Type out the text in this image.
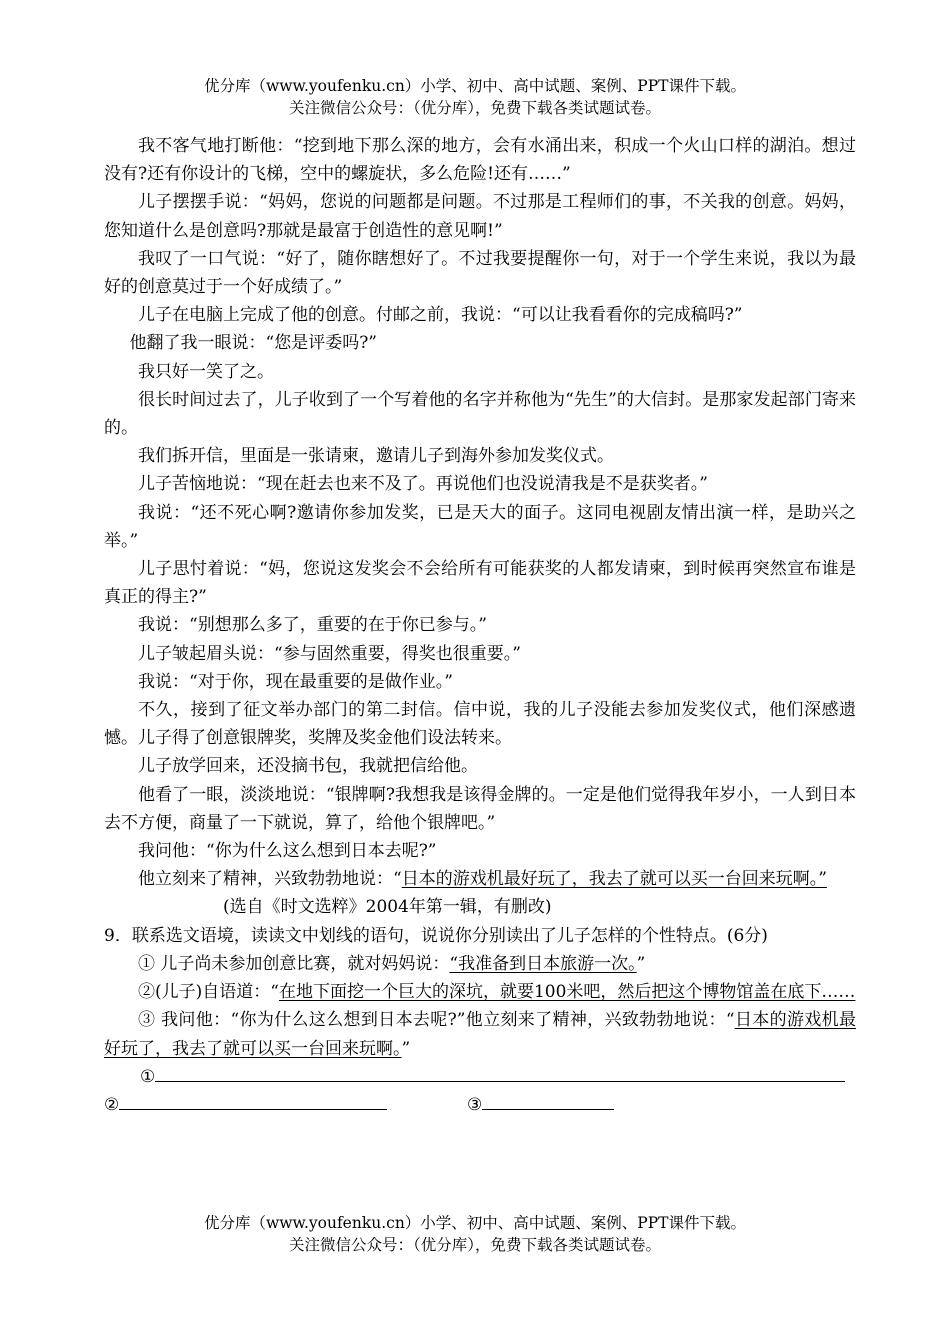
优分库（www.youfenku.cn）小学、初中、高中试题、案例、PPT课件下载。
关注微信公众号：（优分库），免费下载各类试题试卷。

我不客气地打断他：“挖到地下那么深的地方，会有水涌出来，积成一个火山口样的湖泊。想过没有?还有你设计的飞梯，空中的螺旋状，多么危险!还有……”

儿子摆摆手说：“妈妈，您说的问题都是问题。不过那是工程师们的事，不关我的创意。妈妈，您知道什么是创意吗?那就是最富于创造性的意见啊!”

我叹了一口气说：“好了，随你瞎想好了。不过我要提醒你一句，对于一个学生来说，我以为最好的创意莫过于一个好成绩了。”

儿子在电脑上完成了他的创意。付邮之前，我说：“可以让我看看你的完成稿吗?”

他翻了我一眼说：“您是评委吗?”

我只好一笑了之。

很长时间过去了，儿子收到了一个写着他的名字并称他为“先生”的大信封。是那家发起部门寄来的。

我们拆开信，里面是一张请柬，邀请儿子到海外参加发奖仪式。

儿子苦恼地说：“现在赶去也来不及了。再说他们也没说清我是不是获奖者。”

我说：“还不死心啊?邀请你参加发奖，已是天大的面子。这同电视剧友情出演一样，是助兴之举。”

儿子思忖着说：“妈，您说这发奖会不会给所有可能获奖的人都发请柬，到时候再突然宣布谁是真正的得主?”

我说：“别想那么多了，重要的在于你已参与。”

儿子皱起眉头说：“参与固然重要，得奖也很重要。”

我说：“对于你，现在最重要的是做作业。”

不久，接到了征文举办部门的第二封信。信中说，我的儿子没能去参加发奖仪式，他们深感遗憾。儿子得了创意银牌奖，奖牌及奖金他们设法转来。

儿子放学回来，还没摘书包，我就把信给他。

他看了一眼，淡淡地说：“银牌啊?我想我是该得金牌的。一定是他们觉得我年岁小，一人到日本去不方便，商量了一下就说，算了，给他个银牌吧。”

我问他：“你为什么这么想到日本去呢?”

他立刻来了精神，兴致勃勃地说：“日本的游戏机最好玩了，我去了就可以买一台回来玩啊。”

(选自《时文选粹》2004年第一辑，有删改)

9．联系选文语境，读读文中划线的语句，说说你分别读出了儿子怎样的个性特点。(6分)

① 儿子尚未参加创意比赛，就对妈妈说：“我准备到日本旅游一次。”

②(儿子)自语道：“在地下面挖一个巨大的深坑，就要100米吧，然后把这个博物馆盖在底下……

③ 我问他：“你为什么这么想到日本去呢?”他立刻来了精神，兴致勃勃地说：“日本的游戏机最好玩了，我去了就可以买一台回来玩啊。”

①
②	③
优分库（www.youfenku.cn）小学、初中、高中试题、案例、PPT课件下载。
关注微信公众号：（优分库），免费下载各类试题试卷。
